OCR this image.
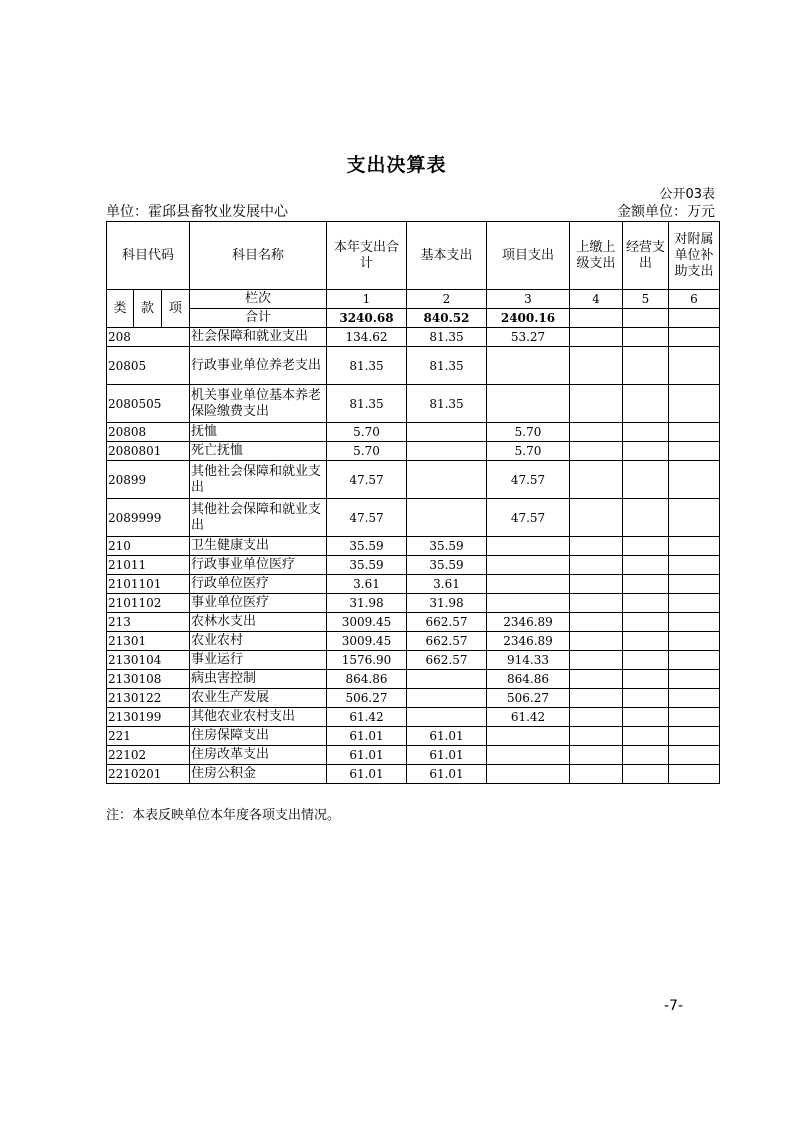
支出决算表
公开03表
单位：霍邱县畜牧业发展中心	金额单位：万元
科目代码			科目名称	本年支出合计	基本支出	项目支出	上缴上级支出	经营支出	对附属单位补助支出
类	款	项	栏次	1	2	3	4	5	6
			合计	3240.68	840.52	2400.16			
208			社会保障和就业支出	134.62	81.35	53.27			
20805			行政事业单位养老支出	81.35	81.35				
2080505			机关事业单位基本养老保险缴费支出	81.35	81.35				
20808			抚恤	5.70		5.70			
2080801			死亡抚恤	5.70		5.70			
20899			其他社会保障和就业支出	47.57		47.57			
2089999			其他社会保障和就业支出	47.57		47.57			
210			卫生健康支出	35.59	35.59				
21011			行政事业单位医疗	35.59	35.59				
2101101			行政单位医疗	3.61	3.61				
2101102			事业单位医疗	31.98	31.98				
213			农林水支出	3009.45	662.57	2346.89			
21301			农业农村	3009.45	662.57	2346.89			
2130104			事业运行	1576.90	662.57	914.33			
2130108			病虫害控制	864.86		864.86			
2130122			农业生产发展	506.27		506.27			
2130199			其他农业农村支出	61.42		61.42			
221			住房保障支出	61.01	61.01				
22102			住房改革支出	61.01	61.01				
2210201			住房公积金	61.01	61.01				
注：本表反映单位本年度各项支出情况。
-7-
